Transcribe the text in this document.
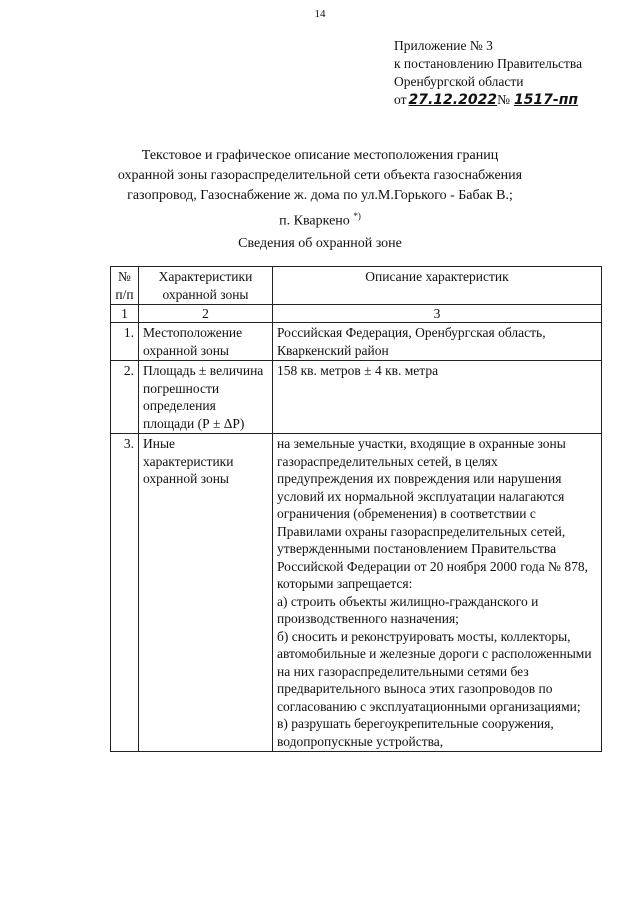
14
Приложение № 3
к постановлению Правительства
Оренбургской области
от 27.12.2022№ 1517-пп
Текстовое и графическое описание местоположения границ
охранной зоны газораспределительной сети объекта газоснабжения
газопровод, Газоснабжение ж. дома по ул.М.Горького - Бабак В.;
п. Кваркено *)
Сведения об охранной зоне
№ п/п	Характеристики охранной зоны	Описание характеристик
1	2	3
1.	Местоположение охранной зоны	Российская Федерация, Оренбургская область, Кваркенский район
2.	Площадь ± величина погрешности определения площади (Р ± ΔР)	158 кв. метров ± 4 кв. метра
3.	Иные характеристики охранной зоны	на земельные участки, входящие в охранные зоны газораспределительных сетей, в целях предупреждения их повреждения или нарушения условий их нормальной эксплуатации налагаются ограничения (обременения) в соответствии с Правилами охраны газораспределительных сетей, утвержденными постановлением Правительства Российской Федерации от 20 ноября 2000 года № 878, которыми запрещается:
а) строить объекты жилищно-гражданского и производственного назначения;
б) сносить и реконструировать мосты, коллекторы, автомобильные и железные дороги с расположенными на них газораспределительными сетями без предварительного выноса этих газопроводов по согласованию с эксплуатационными организациями;
в) разрушать берегоукрепительные сооружения, водопропускные устройства,
